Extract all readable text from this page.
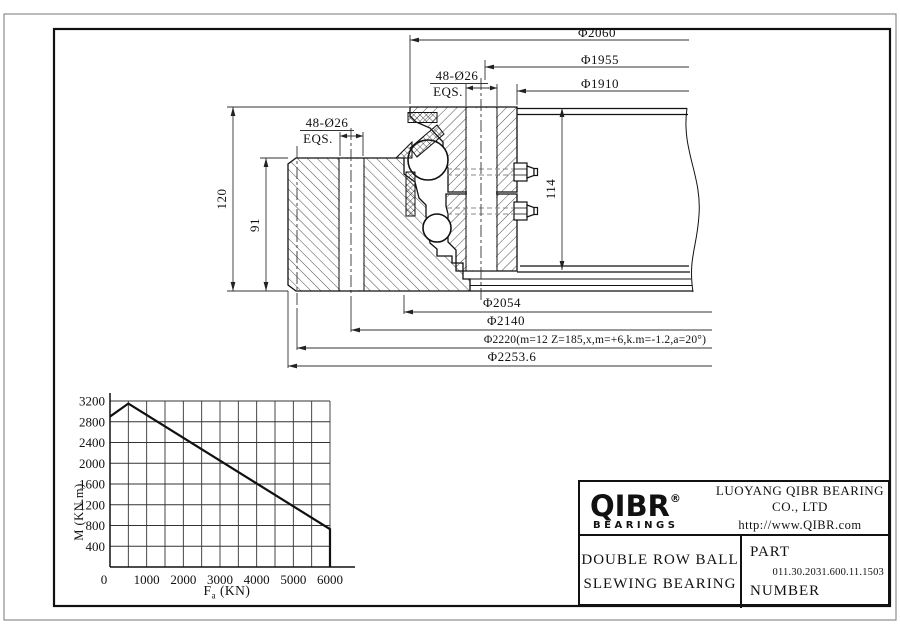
Φ2060
Φ1955
Φ1910
48-Ø26
EQS.
48-Ø26
EQS.
120
91
114
Φ2054
Φ2140
Φ2220(m=12 Z=185,x,m=+6,k.m=-1.2,a=20°)
Φ2253.6
400
800
1200
1600
2000
2400
2800
3200
0 1000 2000 3000 4000 5000 6000
M (KN.m)
$F_a$ (KN)
QIBR®
BEARINGS
LUOYANG QIBR BEARING CO., LTD
http://www.QIBR.com
DOUBLE ROW BALL
SLEWING BEARING
PART
NUMBER
011.30.2031.600.11.1503
